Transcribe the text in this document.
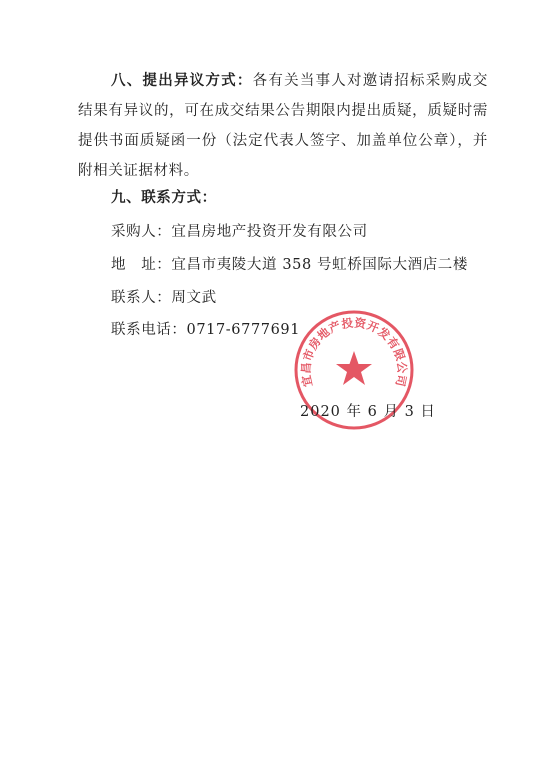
八、提出异议方式：各有关当事人对邀请招标采购成交结果有异议的，可在成交结果公告期限内提出质疑，质疑时需提供书面质疑函一份（法定代表人签字、加盖单位公章），并附相关证据材料。

九、联系方式：
采购人：宜昌房地产投资开发有限公司
地　址：宜昌市夷陵大道 358 号虹桥国际大酒店二楼
联系人：周文武
联系电话：0717-6777691
宜昌市房地产投资开发有限公司
2020 年 6 月 3 日
